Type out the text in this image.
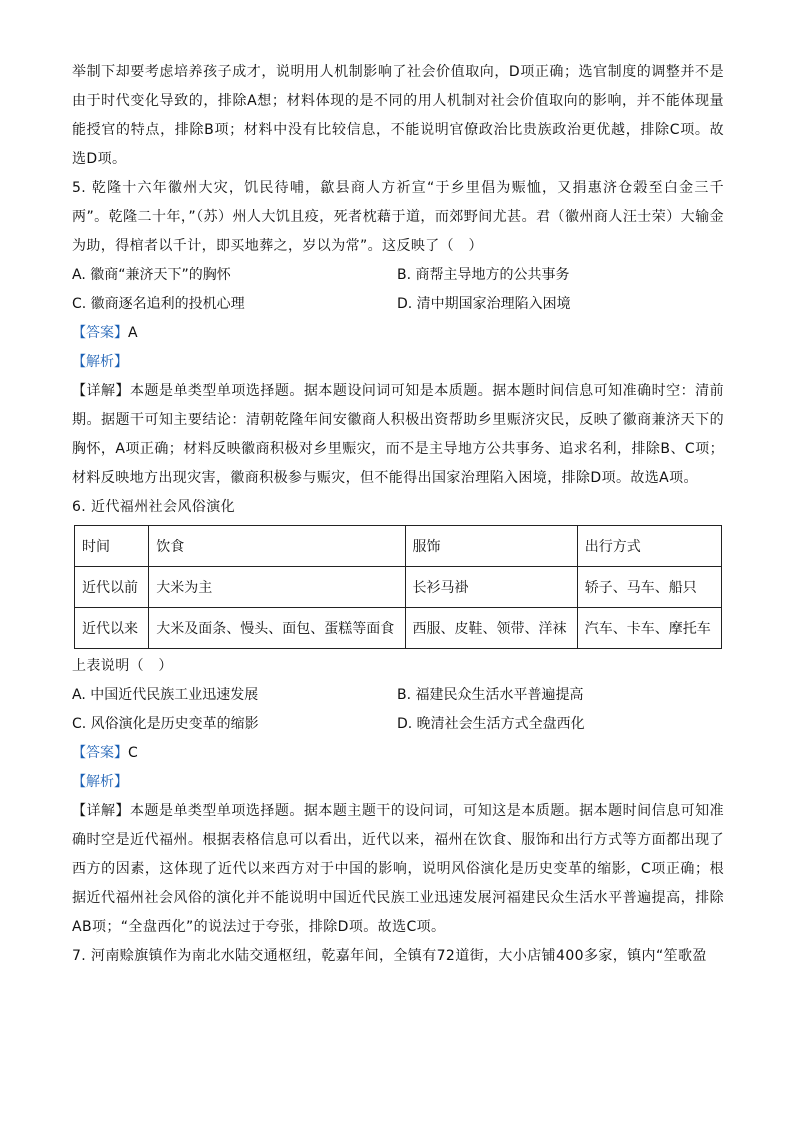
举制下却要考虑培养孩子成才，说明用人机制影响了社会价值取向，D项正确；选官制度的调整并不是由于时代变化导致的，排除A想；材料体现的是不同的用人机制对社会价值取向的影响，并不能体现量能授官的特点，排除B项；材料中没有比较信息，不能说明官僚政治比贵族政治更优越，排除C项。故选D项。

5. 乾隆十六年徽州大灾，饥民待哺，歙县商人方祈宣“于乡里倡为赈恤，又捐惠济仓榖至白金三千两”。乾隆二十年，”（苏）州人大饥且疫，死者枕藉于道，而郊野间尤甚。君（徽州商人汪士荣）大输金为助，得棺者以千计，即买地葬之，岁以为常”。这反映了（　）

A. 徽商“兼济天下”的胸怀	B. 商帮主导地方的公共事务
C. 徽商逐名追利的投机心理	D. 清中期国家治理陷入困境
【答案】A
【解析】

【详解】本题是单类型单项选择题。据本题设问词可知是本质题。据本题时间信息可知准确时空：清前期。据题干可知主要结论：清朝乾隆年间安徽商人积极出资帮助乡里赈济灾民，反映了徽商兼济天下的胸怀，A项正确；材料反映徽商积极对乡里赈灾，而不是主导地方公共事务、追求名利，排除B、C项；材料反映地方出现灾害，徽商积极参与赈灾，但不能得出国家治理陷入困境，排除D项。故选A项。

6. 近代福州社会风俗演化

时间	饮食	服饰	出行方式
近代以前	大米为主	长衫马褂	轿子、马车、船只
近代以来	大米及面条、慢头、面包、蛋糕等面食	西服、皮鞋、领带、洋袜	汽车、卡车、摩托车

上表说明（　）

A. 中国近代民族工业迅速发展	B. 福建民众生活水平普遍提高
C. 风俗演化是历史变革的缩影	D. 晚清社会生活方式全盘西化
【答案】C
【解析】

【详解】本题是单类型单项选择题。据本题主题干的设问词，可知这是本质题。据本题时间信息可知准确时空是近代福州。根据表格信息可以看出，近代以来，福州在饮食、服饰和出行方式等方面都出现了西方的因素，这体现了近代以来西方对于中国的影响，说明风俗演化是历史变革的缩影，C项正确；根据近代福州社会风俗的演化并不能说明中国近代民族工业迅速发展河福建民众生活水平普遍提高，排除AB项；“全盘西化”的说法过于夸张，排除D项。故选C项。

7. 河南赊旗镇作为南北水陆交通枢纽，乾嘉年间，全镇有72道街，大小店铺400多家，镇内“笙歌盈
